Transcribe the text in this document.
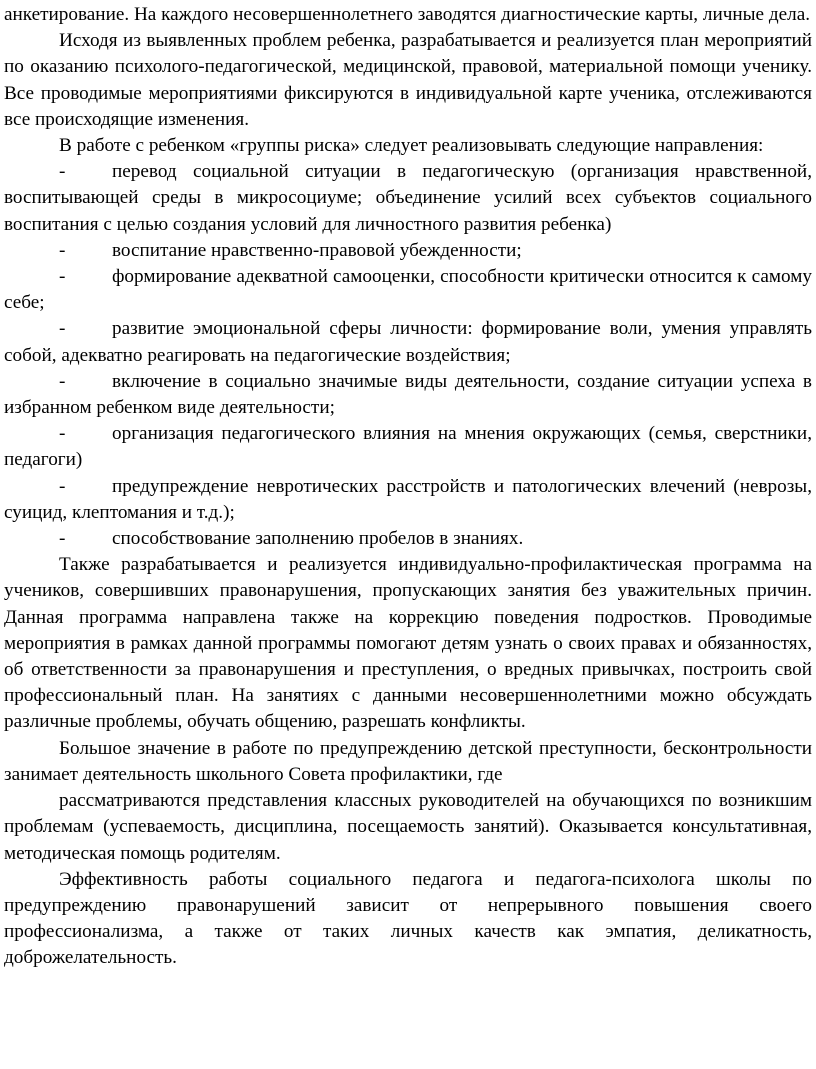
анкетирование. На каждого несовершеннолетнего заводятся диагностические карты, личные дела.

Исходя из выявленных проблем ребенка, разрабатывается и реализуется план мероприятий по оказанию психолого-педагогической, медицинской, правовой, материальной помощи ученику. Все проводимые мероприятиями фиксируются в индивидуальной карте ученика, отслеживаются все происходящие изменения.

В работе с ребенком «группы риска» следует реализовывать следующие направления:

- перевод социальной ситуации в педагогическую (организация нравственной, воспитывающей среды в микросоциуме; объединение усилий всех субъектов социального воспитания с целью создания условий для личностного развития ребенка)

- воспитание нравственно-правовой убежденности;

- формирование адекватной самооценки, способности критически относится к самому себе;

- развитие эмоциональной сферы личности: формирование воли, умения управлять собой, адекватно реагировать на педагогические воздействия;

- включение в социально значимые виды деятельности, создание ситуации успеха в избранном ребенком виде деятельности;

- организация педагогического влияния на мнения окружающих (семья, сверстники, педагоги)

- предупреждение невротических расстройств и патологических влечений (неврозы, суицид, клептомания и т.д.);

- способствование заполнению пробелов в знаниях.

Также разрабатывается и реализуется индивидуально-профилактическая программа на учеников, совершивших правонарушения, пропускающих занятия без уважительных причин. Данная программа направлена также на коррекцию поведения подростков. Проводимые мероприятия в рамках данной программы помогают детям узнать о своих правах и обязанностях, об ответственности за правонарушения и преступления, о вредных привычках, построить свой профессиональный план. На занятиях с данными несовершеннолетними можно обсуждать различные проблемы, обучать общению, разрешать конфликты.

Большое значение в работе по предупреждению детской преступности, бесконтрольности занимает деятельность школьного Совета профилактики, где

рассматриваются представления классных руководителей на обучающихся по возникшим проблемам (успеваемость, дисциплина, посещаемость занятий). Оказывается консультативная, методическая помощь родителям.

Эффективность работы социального педагога и педагога-психолога школы по предупреждению правонарушений зависит от непрерывного повышения своего профессионализма, а также от таких личных качеств как эмпатия, деликатность, доброжелательность.
